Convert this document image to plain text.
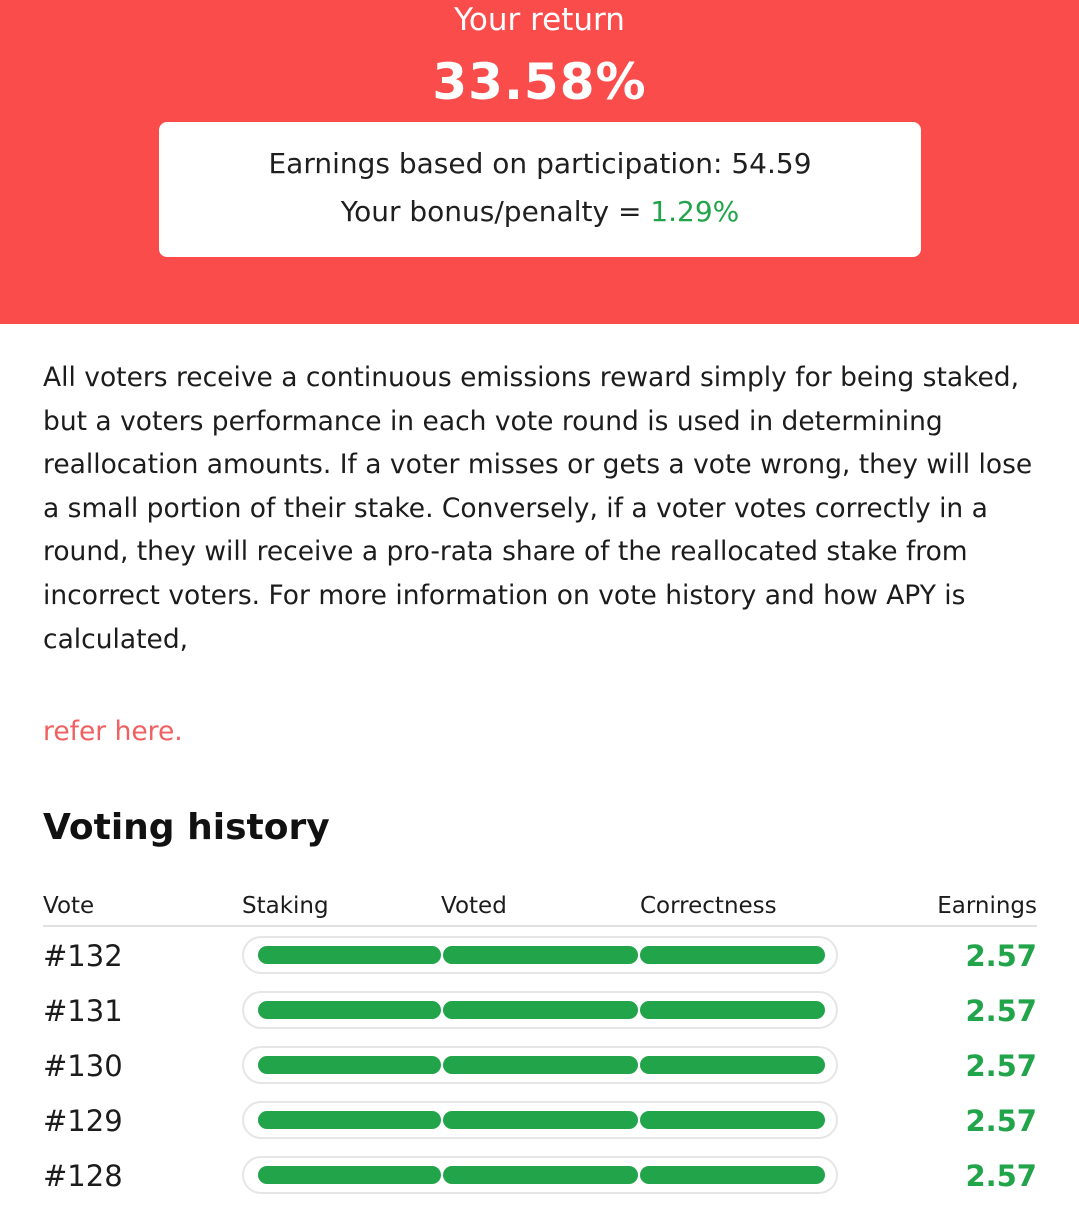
Your return
33.58%
Earnings based on participation: 54.59
Your bonus/penalty = 1.29%
All voters receive a continuous emissions reward simply for being staked, but a voters performance in each vote round is used in determining reallocation amounts. If a voter misses or gets a vote wrong, they will lose a small portion of their stake. Conversely, if a voter votes correctly in a round, they will receive a pro-rata share of the reallocated stake from incorrect voters. For more information on vote history and how APY is calculated,
refer here.
Voting history
Vote	Staking	Voted	Correctness	Earnings
#132	2.57
#131	2.57
#130	2.57
#129	2.57
#128	2.57
